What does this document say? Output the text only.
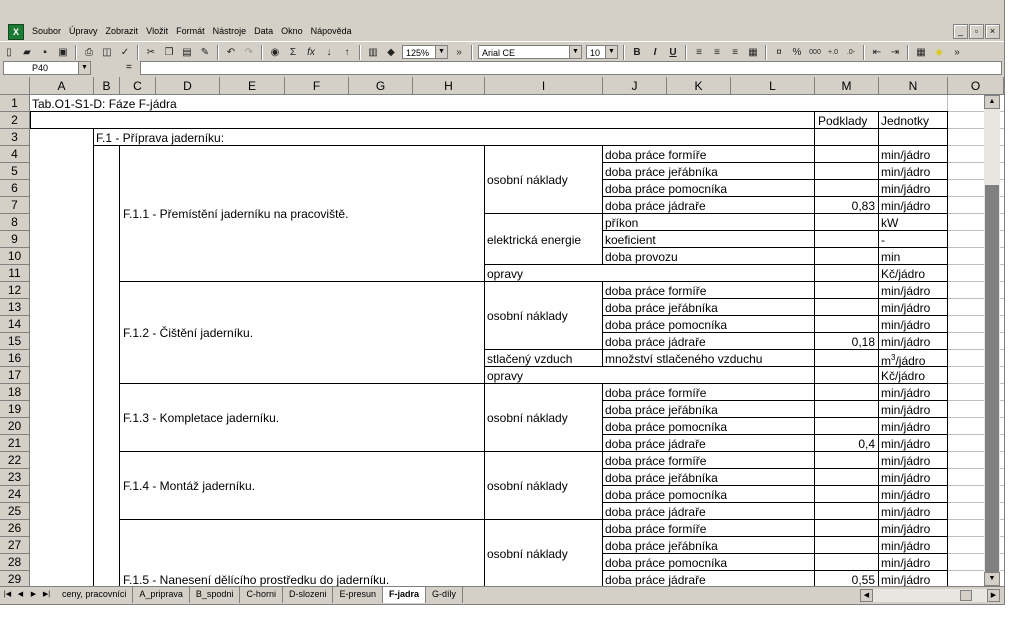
X	Soubor Úpravy Zobrazit Vložit Formát Nástroje Data Okno Nápověda	_	▫	×
▯	▰	▪	▣	⎙ ◫ ✓	✂ ❐ ▤ ✎	↶ ↷	◉	Σ	fx	↓	↑	▥ ◆	125%	▼	»	Arial CE	▼	10	▼	B	I	U	≡	≡	≡	▦	¤	%	000	+.0	.0-	⇤ ⇥	▦ ◈	»
P40	▼	=
A	B	C	D	E	F	G	H	I	J	K	L	M	N	O
1
2
3
4
5
6
7
8
9
10
11
12
13
14
15
16
17
18
19
20
21
22
23
24
25
26
27
28
29
Tab.O1-S1-D: Fáze F-jádra
Podklady Jednotky
F.1 - Příprava jaderníku:
F.1.1 - Přemístění jaderníku na pracoviště.
F.1.2 - Čištění jaderníku.
F.1.3 - Kompletace jaderníku.
F.1.4 - Montáž jaderníku.
F.1.5 - Nanesení dělícího prostředku do jaderníku.
osobní náklady
elektrická energie
opravy
osobní náklady
stlačený vzduch
opravy
osobní náklady
osobní náklady
osobní náklady
doba práce formíře	min/jádro
doba práce jeřábníka	min/jádro
doba práce pomocníka	min/jádro
doba práce jádraře	min/jádro
doba práce formíře	min/jádro
doba práce jeřábníka	min/jádro
doba práce pomocníka	min/jádro
doba práce jádraře	min/jádro
doba práce formíře	min/jádro
doba práce jeřábníka	min/jádro
doba práce pomocníka	min/jádro
doba práce jádraře	min/jádro
doba práce formíře	min/jádro
doba práce jeřábníka	min/jádro
doba práce pomocníka	min/jádro
doba práce jádraře	min/jádro
doba práce formíře	min/jádro
doba práce jeřábníka	min/jádro
doba práce pomocníka	min/jádro
doba práce jádraře	min/jádro
příkon	kW
koeficient	-
doba provozu	min
Kč/jádro
množství stlačeného vzduchu
Kč/jádro
$m^3$/jádro
0,83
0,18
0,4
0,55
▲
▼
|◀ ◀	▶ ▶|	ceny, pracovníci	A_priprava	B_spodni	C-horni	D-slozeni	E-presun	F-jadra	G-díly	◀	▶
